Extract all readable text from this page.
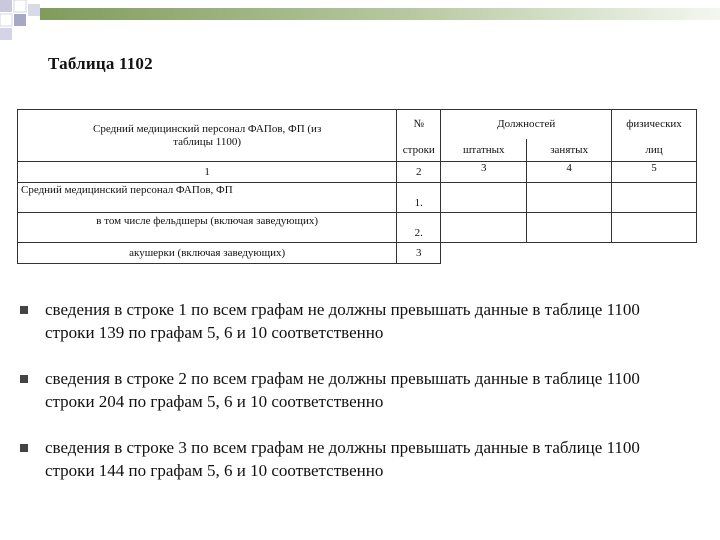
Таблица 1102
Средний медицинский персонал ФАПов, ФП (из таблицы 1100)	№	Должностей		физических
	строки	штатных	занятых	лиц
1	2	3	4	5
Средний медицинский персонал ФАПов, ФП	1.			
в том числе фельдшеры (включая заведующих)	2.			
акушерки (включая заведующих)	3			
сведения в строке 1 по всем графам не должны превышать данные в таблице 1100 строки 139 по графам 5, 6 и 10 соответственно
сведения в строке 2 по всем графам не должны превышать данные в таблице 1100 строки 204 по графам 5, 6 и 10 соответственно
сведения в строке 3 по всем графам не должны превышать данные в таблице 1100 строки 144 по графам 5, 6 и 10 соответственно
